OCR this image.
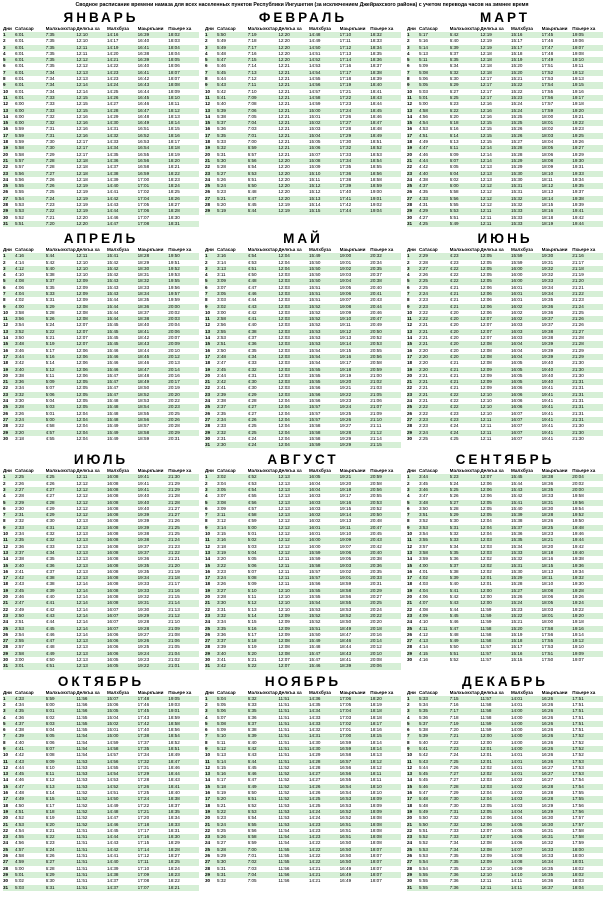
Сводное расписание времени намаза для всех населенных пунктов Республики Ингушетия (за исключением Джейрахского района) с учетом перевода часов на зимнее время
ЯНВАРЬ
Дни	Сатасар	Малхьокхтар	Делкъа ха	Малхбуза	Маьркъани	Пхьере ха
1	6:01	7:35	12:10	14:16	16:39	18:02
2	6:01	7:35	12:10	14:17	16:40	18:03
3	6:01	7:35	12:11	14:19	16:41	18:04
4	6:01	7:35	12:11	14:20	16:38	18:04
5	6:01	7:35	12:12	14:21	16:39	18:05
6	6:01	7:35	12:12	14:22	16:40	18:06
7	6:01	7:34	12:13	14:23	16:41	18:07
8	6:01	7:34	12:13	14:23	16:42	18:07
9	6:01	7:34	12:14	14:24	16:43	18:08
10	6:01	7:34	12:14	14:25	16:44	18:09
11	6:01	7:33	12:15	14:26	16:45	18:10
12	6:00	7:33	12:15	14:27	16:46	18:11
13	6:00	7:33	12:15	14:28	16:47	18:12
14	6:00	7:32	12:16	14:29	16:48	18:13
15	6:00	7:32	12:16	14:30	16:49	18:14
16	5:59	7:31	12:16	14:31	16:51	18:15
17	5:59	7:31	12:16	14:32	16:52	18:16
18	5:59	7:30	12:17	14:33	16:53	18:17
19	5:58	7:30	12:17	14:34	16:54	18:18
20	5:58	7:29	12:17	14:35	16:55	18:19
21	5:57	7:28	12:18	14:36	16:56	18:20
22	5:57	7:28	12:18	14:37	16:58	18:21
23	5:56	7:27	12:18	14:38	16:59	18:22
24	5:56	7:26	12:18	14:39	17:00	18:23
25	5:55	7:26	12:19	14:40	17:01	18:24
26	5:55	7:25	12:19	14:41	17:02	18:25
27	5:54	7:24	12:19	14:42	17:04	18:26
28	5:53	7:23	12:19	14:43	17:05	18:27
29	5:53	7:22	12:19	14:44	17:06	18:28
30	5:52	7:21	12:20	14:46	17:07	18:30
31	5:51	7:20	12:20	14:47	17:08	18:31
ФЕВРАЛЬ
Дни	Сатасар	Малхьокхтар	Делкъа ха	Малхбуза	Маьркъани	Пхьере ха
1	5:50	7:19	12:20	14:48	17:10	18:32
2	5:49	7:18	12:20	14:49	17:11	18:33
3	5:49	7:17	12:20	14:50	17:12	18:34
4	5:48	7:16	12:20	14:51	17:13	18:35
5	5:47	7:15	12:20	14:52	17:14	18:36
6	5:46	7:14	12:21	14:53	17:16	18:37
7	5:45	7:13	12:21	14:54	17:17	18:38
8	5:44	7:12	12:21	14:55	17:18	18:39
9	5:43	7:11	12:21	14:56	17:19	18:40
10	5:42	7:10	12:21	14:57	17:21	18:41
11	5:41	7:09	12:21	14:58	17:22	18:43
12	5:40	7:08	12:21	14:59	17:23	18:44
13	5:39	7:06	12:21	15:00	17:24	18:45
14	5:38	7:05	12:21	15:01	17:26	18:46
15	5:37	7:04	12:21	15:02	17:27	18:47
16	5:36	7:03	12:21	15:03	17:28	18:48
17	5:35	7:01	12:21	15:04	17:29	18:49
18	5:33	7:00	12:21	15:05	17:30	18:51
19	5:32	6:59	12:21	15:06	17:32	18:52
20	5:31	6:57	12:21	15:07	17:33	18:53
21	5:30	6:56	12:20	15:08	17:34	18:54
22	5:28	6:54	12:20	15:09	17:35	18:55
23	5:27	6:53	12:20	15:10	17:36	18:56
24	5:26	6:51	12:20	15:11	17:38	18:58
25	5:24	6:50	12:20	15:12	17:39	18:59
26	5:23	6:48	12:20	15:12	17:40	19:00
27	5:21	6:47	12:20	15:13	17:41	19:01
28	5:20	6:45	12:19	15:14	17:42	19:02
29	5:19	6:44	12:19	15:15	17:44	19:04
МАРТ
Дни	Сатасар	Малхьокхтар	Делкъа ха	Малхбуза	Маьркъани	Пхьере ха
1	5:17	6:42	12:19	15:16	17:45	19:05
2	5:16	6:40	12:19	15:17	17:46	19:06
3	5:14	6:39	12:19	15:17	17:47	19:07
4	5:13	6:37	12:18	15:18	17:48	19:08
5	5:11	6:35	12:18	15:19	17:49	19:10
6	5:09	6:34	12:18	15:20	17:51	19:11
7	5:08	6:32	12:18	15:20	17:52	19:12
8	5:06	6:30	12:17	15:21	17:53	19:13
9	5:05	6:29	12:17	15:22	17:54	19:15
10	5:03	6:27	12:17	15:22	17:55	19:16
11	5:01	6:25	12:17	15:23	17:56	19:17
12	5:00	6:23	12:16	15:24	17:57	19:18
13	4:58	6:22	12:16	15:24	17:59	19:20
14	4:56	6:20	12:16	15:25	18:00	19:21
15	4:54	6:18	12:15	15:25	18:01	19:22
16	4:53	6:16	12:15	15:26	18:02	19:23
17	4:51	6:14	12:15	15:26	18:03	19:25
18	4:49	6:13	12:15	15:27	18:04	19:26
19	4:47	6:11	12:14	15:28	18:05	19:27
20	4:46	6:09	12:14	15:28	18:06	19:29
21	4:44	6:07	12:14	15:29	18:08	19:30
22	4:42	6:05	12:13	15:29	18:09	19:31
23	4:40	6:04	12:13	15:30	18:10	19:33
24	4:38	6:02	12:13	15:30	18:11	19:34
25	4:37	6:00	12:12	15:31	18:12	19:35
26	4:35	5:58	12:12	15:31	18:13	19:37
27	4:33	5:56	12:12	15:32	18:14	19:38
28	4:31	5:55	12:12	15:32	18:15	19:39
29	4:29	5:53	12:11	15:33	18:16	19:41
30	4:27	5:51	12:11	15:33	18:18	19:42
31	4:25	5:49	12:11	15:33	18:19	19:44
АПРЕЛЬ
Дни	Сатасар	Малхьокхтар	Делкъа ха	Малхбуза	Маьркъани	Пхьере ха
1	4:16	5:44	12:11	15:41	18:28	19:50
2	4:14	5:42	12:10	15:42	18:29	19:51
3	4:12	5:40	12:10	15:42	18:30	19:52
4	4:10	5:38	12:10	15:42	18:31	19:53
5	4:08	5:37	12:09	15:43	18:32	19:55
6	4:06	5:35	12:09	15:43	18:33	19:56
7	4:04	5:33	12:09	15:43	18:34	19:57
8	4:02	5:31	12:09	15:44	18:35	19:59
9	4:00	5:29	12:08	15:44	18:36	20:00
10	3:58	5:28	12:08	15:44	18:37	20:02
11	3:56	5:26	12:08	15:44	18:38	20:03
12	3:54	5:24	12:07	15:45	18:40	20:04
13	3:52	5:22	12:07	15:45	18:41	20:06
14	3:50	5:21	12:07	15:45	18:42	20:07
15	3:48	5:19	12:07	15:45	18:43	20:09
16	3:46	5:17	12:06	15:46	18:44	20:10
17	3:44	5:16	12:06	15:46	18:45	20:12
18	3:42	5:14	12:06	15:46	18:46	20:13
19	3:40	5:12	12:06	15:46	18:47	20:14
20	3:38	5:11	12:06	15:47	18:48	20:16
21	3:36	5:09	12:05	15:47	18:49	20:17
22	3:34	5:07	12:05	15:47	18:50	20:19
23	3:32	5:06	12:05	15:47	18:52	20:20
24	3:30	5:04	12:05	15:48	18:53	20:22
25	3:28	5:03	12:05	15:48	18:54	20:23
26	3:26	5:01	12:04	15:48	18:55	20:25
27	3:24	5:00	12:04	15:48	18:56	20:26
28	3:22	4:58	12:04	15:49	18:57	20:28
29	3:20	4:57	12:04	15:49	18:58	20:29
30	3:18	4:55	12:04	15:49	18:59	20:31
МАЙ
Дни	Сатасар	Малхьокхтар	Делкъа ха	Малхбуза	Маьркъани	Пхьере ха
1	3:16	4:54	12:04	15:49	19:00	20:32
2	3:14	4:53	12:04	15:50	19:01	20:34
3	3:13	4:51	12:04	15:50	19:02	20:35
4	3:11	4:50	12:03	15:50	19:03	20:37
5	3:09	4:48	12:03	15:50	19:04	20:38
6	3:07	4:47	12:03	15:51	19:05	20:40
7	3:05	4:46	12:03	15:51	19:06	20:41
8	3:03	4:44	12:03	15:51	19:07	20:43
9	3:02	4:43	12:03	15:52	19:08	20:44
10	3:00	4:42	12:03	15:52	19:09	20:46
11	2:58	4:41	12:03	15:52	19:10	20:47
12	2:56	4:40	12:03	15:52	19:11	20:49
13	2:55	4:38	12:03	15:53	19:12	20:50
14	2:53	4:37	12:03	15:53	19:13	20:52
15	2:51	4:36	12:03	15:53	19:14	20:53
16	2:50	4:35	12:03	15:54	19:15	20:55
17	2:48	4:34	12:03	15:54	19:16	20:56
18	2:47	4:33	12:03	15:54	19:17	20:58
19	2:45	4:32	12:03	15:55	19:18	20:59
20	2:44	4:31	12:03	15:55	19:19	21:00
21	2:42	4:30	12:03	15:55	19:20	21:02
22	2:41	4:30	12:03	15:56	19:21	21:03
23	2:39	4:29	12:03	15:56	19:22	21:05
24	2:38	4:28	12:04	15:56	19:23	21:06
25	2:37	4:27	12:04	15:57	19:24	21:07
26	2:35	4:27	12:04	15:57	19:25	21:09
27	2:34	4:26	12:04	15:57	19:26	21:10
28	2:33	4:25	12:04	15:58	19:27	21:11
29	2:32	4:25	12:04	15:58	19:28	21:12
30	2:31	4:24	12:04	15:58	19:29	21:14
31	2:30	4:24	12:04	15:59	19:29	21:15
ИЮНЬ
Дни	Сатасар	Малхьокхтар	Делкъа ха	Малхбуза	Маьркъани	Пхьере ха
1	2:29	4:23	12:05	15:59	19:30	21:16
2	2:28	4:23	12:05	15:59	19:31	21:17
3	2:27	4:22	12:05	16:00	19:32	21:18
4	2:26	4:22	12:05	16:00	19:32	21:19
5	2:25	4:22	12:05	16:00	19:33	21:20
6	2:25	4:21	12:06	16:01	19:34	21:21
7	2:24	4:21	12:06	16:01	19:34	21:22
8	2:23	4:21	12:06	16:01	19:35	21:23
9	2:23	4:21	12:06	16:02	19:36	21:24
10	2:22	4:20	12:06	16:02	19:36	21:25
11	2:22	4:20	12:07	16:02	19:37	21:26
12	2:21	4:20	12:07	16:03	19:37	21:26
13	2:21	4:20	12:07	16:03	19:38	21:27
14	2:21	4:20	12:07	16:03	19:38	21:28
15	2:21	4:20	12:08	16:04	19:39	21:28
16	2:20	4:20	12:08	16:04	19:39	21:29
17	2:20	4:20	12:08	16:04	19:39	21:29
18	2:20	4:21	12:08	16:05	19:40	21:30
19	2:20	4:21	12:09	16:05	19:40	21:30
20	2:21	4:21	12:09	16:05	19:40	21:30
21	2:21	4:21	12:09	16:05	19:40	21:31
22	2:21	4:21	12:09	16:06	19:41	21:31
23	2:21	4:22	12:10	16:06	19:41	21:31
24	2:21	4:22	12:10	16:06	19:41	21:31
25	2:22	4:22	12:10	16:06	19:41	21:31
26	2:22	4:23	12:10	16:07	19:41	21:31
27	2:23	4:23	12:11	16:07	19:41	21:31
28	2:23	4:24	12:11	16:07	19:41	21:30
29	2:24	4:24	12:11	16:07	19:41	21:30
30	2:25	4:25	12:11	16:07	19:41	21:30
ИЮЛЬ
Дни	Сатасар	Малхьокхтар	Делкъа ха	Малхбуза	Маьркъани	Пхьере ха
1	2:25	4:25	12:11	16:08	19:41	21:30
2	2:26	4:26	12:12	16:08	19:41	21:29
3	2:27	4:27	12:12	16:08	19:41	21:29
4	2:28	4:27	12:12	16:08	19:40	21:28
5	2:29	4:28	12:12	16:08	19:40	21:28
6	2:30	4:29	12:12	16:08	19:40	21:27
7	2:31	4:29	12:12	16:08	19:39	21:27
8	2:32	4:30	12:13	16:08	19:39	21:26
9	2:33	4:31	12:13	16:08	19:39	21:25
10	2:34	4:32	12:13	16:08	19:38	21:25
11	2:35	4:32	12:13	16:08	19:38	21:24
12	2:36	4:33	12:13	16:08	19:37	21:23
13	2:37	4:34	12:13	16:08	19:37	21:22
14	2:38	4:35	12:13	16:08	19:36	21:21
15	2:40	4:36	12:13	16:08	19:35	21:20
16	2:41	4:37	12:13	16:08	19:35	21:19
17	2:42	4:38	12:13	16:08	19:34	21:18
18	2:43	4:38	12:14	16:08	19:33	21:17
19	2:45	4:39	12:14	16:08	19:33	21:16
20	2:46	4:40	12:14	16:08	19:32	21:15
21	2:47	4:41	12:14	16:08	19:31	21:14
22	2:49	4:42	12:14	16:07	19:30	21:13
23	2:50	4:43	12:14	16:07	19:29	21:12
24	2:51	4:44	12:14	16:07	19:28	21:10
25	2:53	4:45	12:14	16:07	19:28	21:09
26	2:54	4:46	12:14	16:06	19:27	21:08
27	2:55	4:47	12:13	16:06	19:26	21:06
28	2:57	4:48	12:13	16:06	19:25	21:05
29	2:58	4:49	12:13	16:06	19:24	21:04
30	3:00	4:50	12:13	16:05	19:23	21:02
31	3:01	4:51	12:13	16:05	19:22	21:01
АВГУСТ
Дни	Сатасар	Малхьокхтар	Делкъа ха	Малхбуза	Маьркъани	Пхьере ха
1	3:02	4:52	12:13	16:05	19:21	20:59
2	3:04	4:53	12:13	16:04	19:20	20:58
3	3:05	4:54	12:13	16:04	19:18	20:56
4	3:07	4:55	12:13	16:03	19:17	20:55
5	3:08	4:56	12:13	16:03	19:16	20:53
6	3:09	4:57	12:13	16:03	19:15	20:52
7	3:11	4:58	12:13	16:02	19:14	20:50
8	3:12	4:59	12:12	16:02	19:13	20:48
9	3:14	5:00	12:12	16:01	19:11	20:47
10	3:15	5:01	12:12	16:01	19:10	20:45
11	3:16	5:02	12:12	16:00	19:09	20:43
12	3:18	5:03	12:12	16:00	19:07	20:42
13	3:19	5:04	12:12	15:59	19:06	20:40
14	3:20	5:05	12:11	15:59	19:05	20:38
15	3:22	5:06	12:11	15:58	19:03	20:36
16	3:23	5:07	12:11	15:57	19:02	20:35
17	3:24	5:08	12:11	15:57	19:01	20:33
18	3:26	5:09	12:11	15:56	18:59	20:31
19	3:27	5:10	12:10	15:55	18:58	20:29
20	3:28	5:11	12:10	15:55	18:56	20:27
21	3:30	5:12	12:10	15:54	18:55	20:25
22	3:31	5:13	12:10	15:53	18:53	20:24
23	3:32	5:14	12:09	15:52	18:52	20:22
24	3:34	5:15	12:09	15:52	18:50	20:20
25	3:35	5:16	12:09	15:51	18:49	20:18
26	3:36	5:17	12:09	15:50	18:47	20:16
27	3:37	5:18	12:08	15:49	18:46	20:14
28	3:39	5:19	12:08	15:48	18:44	20:12
29	3:40	5:20	12:08	15:47	18:43	20:10
30	3:41	5:21	12:07	15:47	18:41	20:08
31	3:42	5:22	12:07	15:46	18:39	20:06
СЕНТЯБРЬ
Дни	Сатасар	Малхьокхтар	Делкъа ха	Малхбуза	Маьркъани	Пхьере ха
1	3:44	5:23	12:07	15:45	18:38	20:04
2	3:45	5:24	12:06	15:44	18:36	20:02
3	3:46	5:25	12:06	15:43	18:35	20:00
4	3:47	5:26	12:06	15:42	18:33	19:58
5	3:48	5:27	12:05	15:41	18:31	19:56
6	3:50	5:28	12:05	15:40	18:30	19:54
7	3:51	5:29	12:05	15:39	18:28	19:52
8	3:52	5:30	12:04	15:38	18:26	19:50
9	3:53	5:31	12:04	15:37	18:25	19:48
10	3:54	5:32	12:04	15:36	18:23	19:46
11	3:55	5:33	12:03	15:35	18:21	19:44
12	3:57	5:34	12:03	15:34	18:20	19:42
13	3:58	5:35	12:03	15:33	18:18	19:40
14	3:59	5:36	12:02	15:32	18:16	19:38
15	4:00	5:37	12:02	15:31	18:15	19:36
16	4:01	5:38	12:02	15:30	18:13	19:34
17	4:02	5:39	12:01	15:29	18:11	19:32
18	4:03	5:40	12:01	15:28	18:10	19:30
19	4:04	5:41	12:00	15:27	18:08	19:28
20	4:06	5:42	12:00	15:26	18:06	19:26
21	4:07	5:43	12:00	15:24	18:05	19:24
22	4:08	5:44	11:59	15:23	18:03	19:22
23	4:09	5:45	11:59	15:22	18:01	19:20
24	4:10	5:46	11:59	15:21	18:00	19:18
25	4:11	5:47	11:58	15:20	17:58	19:16
26	4:12	5:48	11:58	15:19	17:56	19:14
27	4:13	5:49	11:58	15:18	17:55	19:12
28	4:14	5:50	11:57	15:17	17:53	19:10
29	4:15	5:51	11:57	15:16	17:51	19:09
30	4:16	5:52	11:57	15:15	17:50	19:07
ОКТЯБРЬ
Дни	Сатасар	Малхьокхтар	Делкъа ха	Малхбуза	Маьркъани	Пхьере ха
1	4:33	5:59	11:56	15:07	17:48	19:05
2	4:34	6:00	11:56	15:06	17:46	19:03
3	4:35	6:01	11:56	15:05	17:45	19:01
4	4:36	6:02	11:55	15:04	17:43	18:59
5	4:37	6:03	11:55	15:02	17:42	18:58
6	4:38	6:04	11:55	15:01	17:40	18:56
7	4:39	6:05	11:54	15:00	17:38	18:54
8	4:40	6:06	11:54	14:59	17:37	18:52
9	4:41	6:07	11:54	14:58	17:35	18:51
10	4:42	6:08	11:54	14:57	17:34	18:49
11	4:43	6:09	11:53	14:56	17:32	18:47
12	4:44	6:10	11:53	14:55	17:31	18:46
13	4:45	6:11	11:53	14:54	17:29	18:44
14	4:46	6:12	11:53	14:53	17:28	18:43
15	4:47	6:13	11:53	14:52	17:26	18:41
16	4:48	6:14	11:52	14:51	17:25	18:40
17	4:49	6:15	11:52	14:50	17:24	18:38
18	4:50	6:17	11:52	14:49	17:22	18:37
19	4:51	6:18	11:52	14:48	17:21	18:35
20	4:52	6:19	11:52	14:47	17:20	18:34
21	4:53	6:20	11:52	14:46	17:18	18:33
22	4:54	6:21	11:51	14:45	17:17	18:31
23	4:55	6:22	11:51	14:44	17:16	18:30
24	4:56	6:23	11:51	14:43	17:15	18:29
25	4:57	6:24	11:51	14:42	17:14	18:28
26	4:58	6:26	11:51	14:41	17:12	18:27
27	4:59	6:27	11:51	14:40	17:11	18:25
28	5:00	6:28	11:51	14:39	17:10	18:24
29	5:01	6:29	11:51	14:38	17:09	18:23
30	5:02	6:30	11:51	14:37	17:08	18:22
31	5:03	6:31	11:51	14:37	17:07	18:21
НОЯБРЬ
Дни	Сатасар	Малхьокхтар	Делкъа ха	Малхбуза	Маьркъани	Пхьере ха
1	5:04	6:32	11:51	14:36	17:06	18:20
2	5:05	6:33	11:51	14:35	17:05	18:19
3	5:06	6:35	11:51	14:34	17:04	18:18
4	5:07	6:36	11:51	14:33	17:03	18:18
5	5:08	6:37	11:51	14:33	17:02	18:17
6	5:09	6:38	11:51	14:32	17:01	18:16
7	5:10	6:39	11:51	14:31	17:00	18:15
8	5:11	6:40	11:51	14:30	16:59	18:14
9	5:12	6:42	11:51	14:30	16:59	18:14
10	5:13	6:43	11:51	14:29	16:58	18:13
11	5:14	6:44	11:51	14:28	16:57	18:12
12	5:15	6:45	11:52	14:28	16:56	18:12
13	5:16	6:46	11:52	14:27	16:56	18:11
14	5:17	6:47	11:52	14:27	16:55	18:11
15	5:18	6:49	11:52	14:26	16:54	18:10
16	5:19	6:50	11:52	14:26	16:54	18:10
17	5:20	6:51	11:52	14:25	16:53	18:09
18	5:21	6:52	11:53	14:25	16:53	18:09
19	5:22	6:53	11:53	14:24	16:52	18:09
20	5:23	6:54	11:53	14:24	16:52	18:08
21	5:24	6:55	11:53	14:23	16:51	18:08
22	5:25	6:56	11:54	14:23	16:51	18:08
23	5:26	6:58	11:54	14:23	16:51	18:08
24	5:27	6:59	11:54	14:22	16:50	18:08
25	5:28	7:00	11:55	14:22	16:50	18:07
26	5:29	7:01	11:55	14:22	16:50	18:07
27	5:30	7:02	11:55	14:22	16:50	18:07
28	5:31	7:03	11:56	14:21	16:49	18:07
29	5:31	7:04	11:56	14:21	16:49	18:07
30	5:32	7:05	11:56	14:21	16:49	18:07
ДЕКАБРЬ
Дни	Сатасар	Малхьокхтар	Делкъа ха	Малхбуза	Маьркъани	Пхьере ха
1	5:33	7:15	11:57	14:01	16:26	17:51
2	5:34	7:16	11:58	14:01	16:26	17:51
3	5:35	7:17	11:58	14:00	16:26	17:51
4	5:36	7:18	11:58	14:00	16:26	17:51
5	5:37	7:19	11:59	14:00	16:26	17:51
6	5:38	7:20	11:59	14:00	16:26	17:51
7	5:39	7:21	12:00	14:00	16:26	17:52
8	5:40	7:22	12:00	14:00	16:26	17:52
9	5:41	7:23	12:01	14:00	16:26	17:52
10	5:42	7:24	12:01	14:01	16:26	17:52
11	5:43	7:25	12:01	14:01	16:26	17:53
12	5:44	7:26	12:02	14:01	16:27	17:53
13	5:45	7:27	12:02	14:01	16:27	17:53
14	5:45	7:27	12:03	14:02	16:27	17:54
15	5:46	7:28	12:03	14:02	16:28	17:54
16	5:47	7:29	12:04	14:02	16:28	17:55
17	5:48	7:30	12:04	14:03	16:28	17:55
18	5:48	7:30	12:05	14:03	16:29	17:56
19	5:49	7:31	12:05	14:04	16:29	17:56
20	5:50	7:32	12:06	14:04	16:30	17:57
21	5:50	7:32	12:06	14:05	16:30	17:57
22	5:51	7:33	12:07	14:05	16:31	17:58
23	5:52	7:33	12:07	14:06	16:31	17:58
24	5:52	7:34	12:08	14:06	16:32	17:59
25	5:53	7:34	12:08	14:07	16:33	18:00
26	5:53	7:35	12:09	14:08	16:33	18:00
27	5:54	7:35	12:09	14:08	16:34	18:01
28	5:54	7:35	12:10	14:09	16:35	18:02
29	5:55	7:36	12:10	14:10	16:35	18:02
30	5:55	7:36	12:11	14:11	16:36	18:03
31	5:55	7:36	12:11	14:11	16:37	18:04
